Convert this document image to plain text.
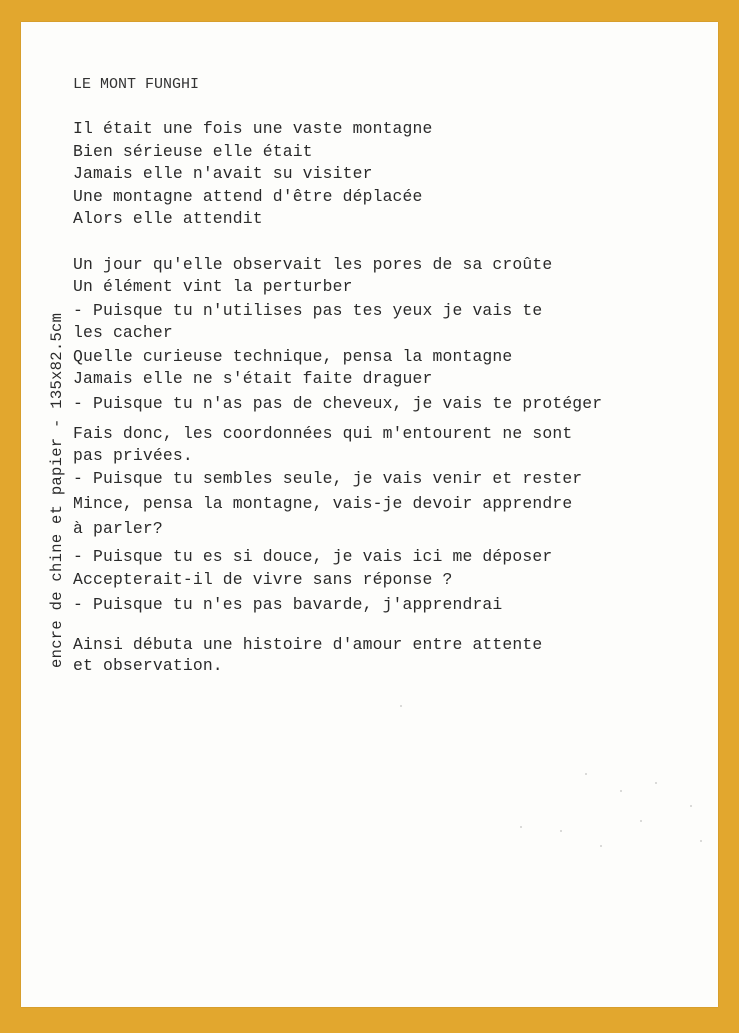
LE MONT FUNGHI
encre de chine et papier - 135x82.5cm
Il était une fois une vaste montagne
Bien sérieuse elle était
Jamais elle n'avait su visiter
Une montagne attend d'être déplacée
Alors elle attendit
Un jour qu'elle observait les pores de sa croûte
Un élément vint la perturber
- Puisque tu n'utilises pas tes yeux je vais te
les cacher
Quelle curieuse technique, pensa la montagne
Jamais elle ne s'était faite draguer
- Puisque tu n'as pas de cheveux, je vais te protéger
Fais donc, les coordonnées qui m'entourent ne sont
pas privées.
- Puisque tu sembles seule, je vais venir et rester
Mince, pensa la montagne, vais-je devoir apprendre
à parler?
- Puisque tu es si douce, je vais ici me déposer
Accepterait-il de vivre sans réponse ?
- Puisque tu n'es pas bavarde, j'apprendrai
Ainsi débuta une histoire d'amour entre attente
et observation.
